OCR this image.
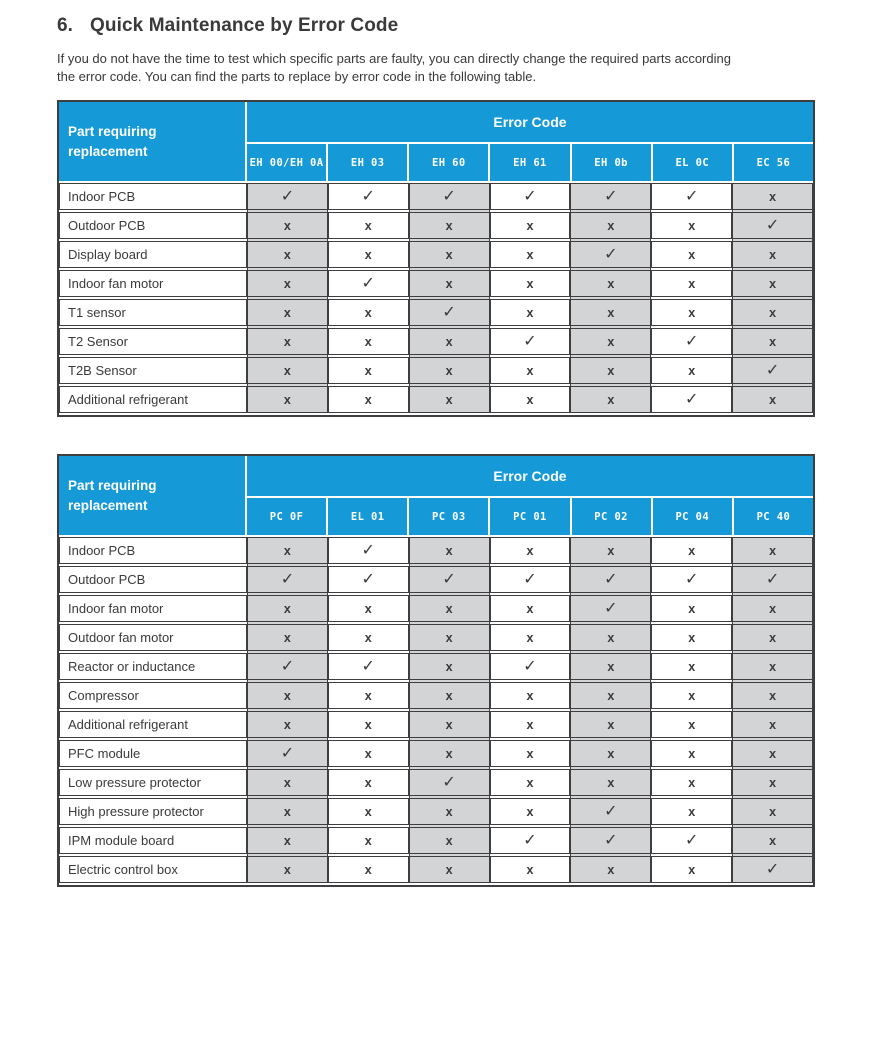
6. Quick Maintenance by Error Code
If you do not have the time to test which specific parts are faulty, you can directly change the required parts according
the error code. You can find the parts to replace by error code in the following table.
Part requiring replacement
Error Code
EH 00/EH 0A	EH 03	EH 60	EH 61	EH 0b	EL 0C	EC 56
Indoor PCB	✓	✓	✓	✓	✓	✓	x
Outdoor PCB	x	x	x	x	x	x	✓
Display board	x	x	x	x	✓	x	x
Indoor fan motor	x	✓	x	x	x	x	x
T1 sensor	x	x	✓	x	x	x	x
T2 Sensor	x	x	x	✓	x	✓	x
T2B Sensor	x	x	x	x	x	x	✓
Additional refrigerant	x	x	x	x	x	✓	x
Part requiring replacement
Error Code
PC 0F	EL 01	PC 03	PC 01	PC 02	PC 04	PC 40
Indoor PCB	x	✓	x	x	x	x	x
Outdoor PCB	✓	✓	✓	✓	✓	✓	✓
Indoor fan motor	x	x	x	x	✓	x	x
Outdoor fan motor	x	x	x	x	x	x	x
Reactor or inductance	✓	✓	x	✓	x	x	x
Compressor	x	x	x	x	x	x	x
Additional refrigerant	x	x	x	x	x	x	x
PFC module	✓	x	x	x	x	x	x
Low pressure protector	x	x	✓	x	x	x	x
High pressure protector	x	x	x	x	✓	x	x
IPM module board	x	x	x	✓	✓	✓	x
Electric control box	x	x	x	x	x	x	✓
